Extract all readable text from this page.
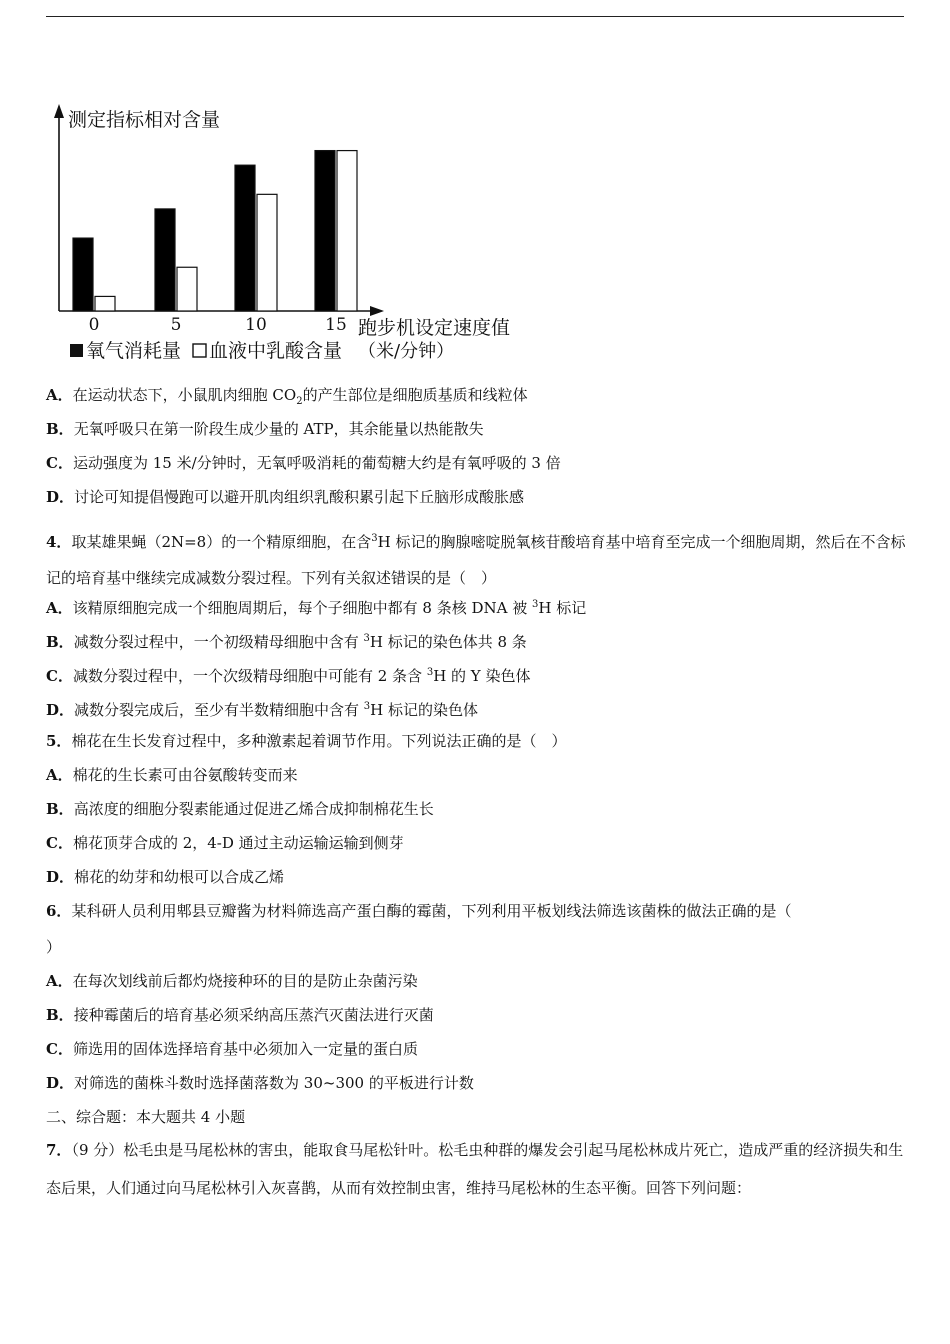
测定指标相对含量
0	5	10	15 跑步机设定速度值
氧气消耗量 血液中乳酸含量 （米/分钟）
A．在运动状态下，小鼠肌肉细胞 $CO_2$的产生部位是细胞质基质和线粒体
B．无氧呼吸只在第一阶段生成少量的 ATP，其余能量以热能散失
C．运动强度为 15 米/分钟时，无氧呼吸消耗的葡萄糖大约是有氧呼吸的 3 倍
D．讨论可知提倡慢跑可以避开肌肉组织乳酸积累引起下丘脑形成酸胀感
4．取某雄果蝇（2N=8）的一个精原细胞，在含$^3$H 标记的胸腺嘧啶脱氧核苷酸培育基中培育至完成一个细胞周期，然后在不含标记的培育基中继续完成减数分裂过程。下列有关叙述错误的是（　）
A．该精原细胞完成一个细胞周期后，每个子细胞中都有 8 条核 DNA 被 $^3$H 标记
B．减数分裂过程中，一个初级精母细胞中含有 $^3$H 标记的染色体共 8 条
C．减数分裂过程中，一个次级精母细胞中可能有 2 条含 $^3$H 的 Y 染色体
D．减数分裂完成后，至少有半数精细胞中含有 $^3$H 标记的染色体
5．棉花在生长发育过程中，多种激素起着调节作用。下列说法正确的是（　）
A．棉花的生长素可由谷氨酸转变而来
B．高浓度的细胞分裂素能通过促进乙烯合成抑制棉花生长
C．棉花顶芽合成的 2，4-D 通过主动运输运输到侧芽
D．棉花的幼芽和幼根可以合成乙烯
6．某科研人员利用郫县豆瓣酱为材料筛选高产蛋白酶的霉菌，下列利用平板划线法筛选该菌株的做法正确的是（
）
A．在每次划线前后都灼烧接种环的目的是防止杂菌污染
B．接种霉菌后的培育基必须采纳高压蒸汽灭菌法进行灭菌
C．筛选用的固体选择培育基中必须加入一定量的蛋白质
D．对筛选的菌株斗数时选择菌落数为 30~300 的平板进行计数
二、综合题：本大题共 4 小题
7．（9 分）松毛虫是马尾松林的害虫，能取食马尾松针叶。松毛虫种群的爆发会引起马尾松林成片死亡，造成严重的经济损失和生态后果，人们通过向马尾松林引入灰喜鹊，从而有效控制虫害，维持马尾松林的生态平衡。回答下列问题：
